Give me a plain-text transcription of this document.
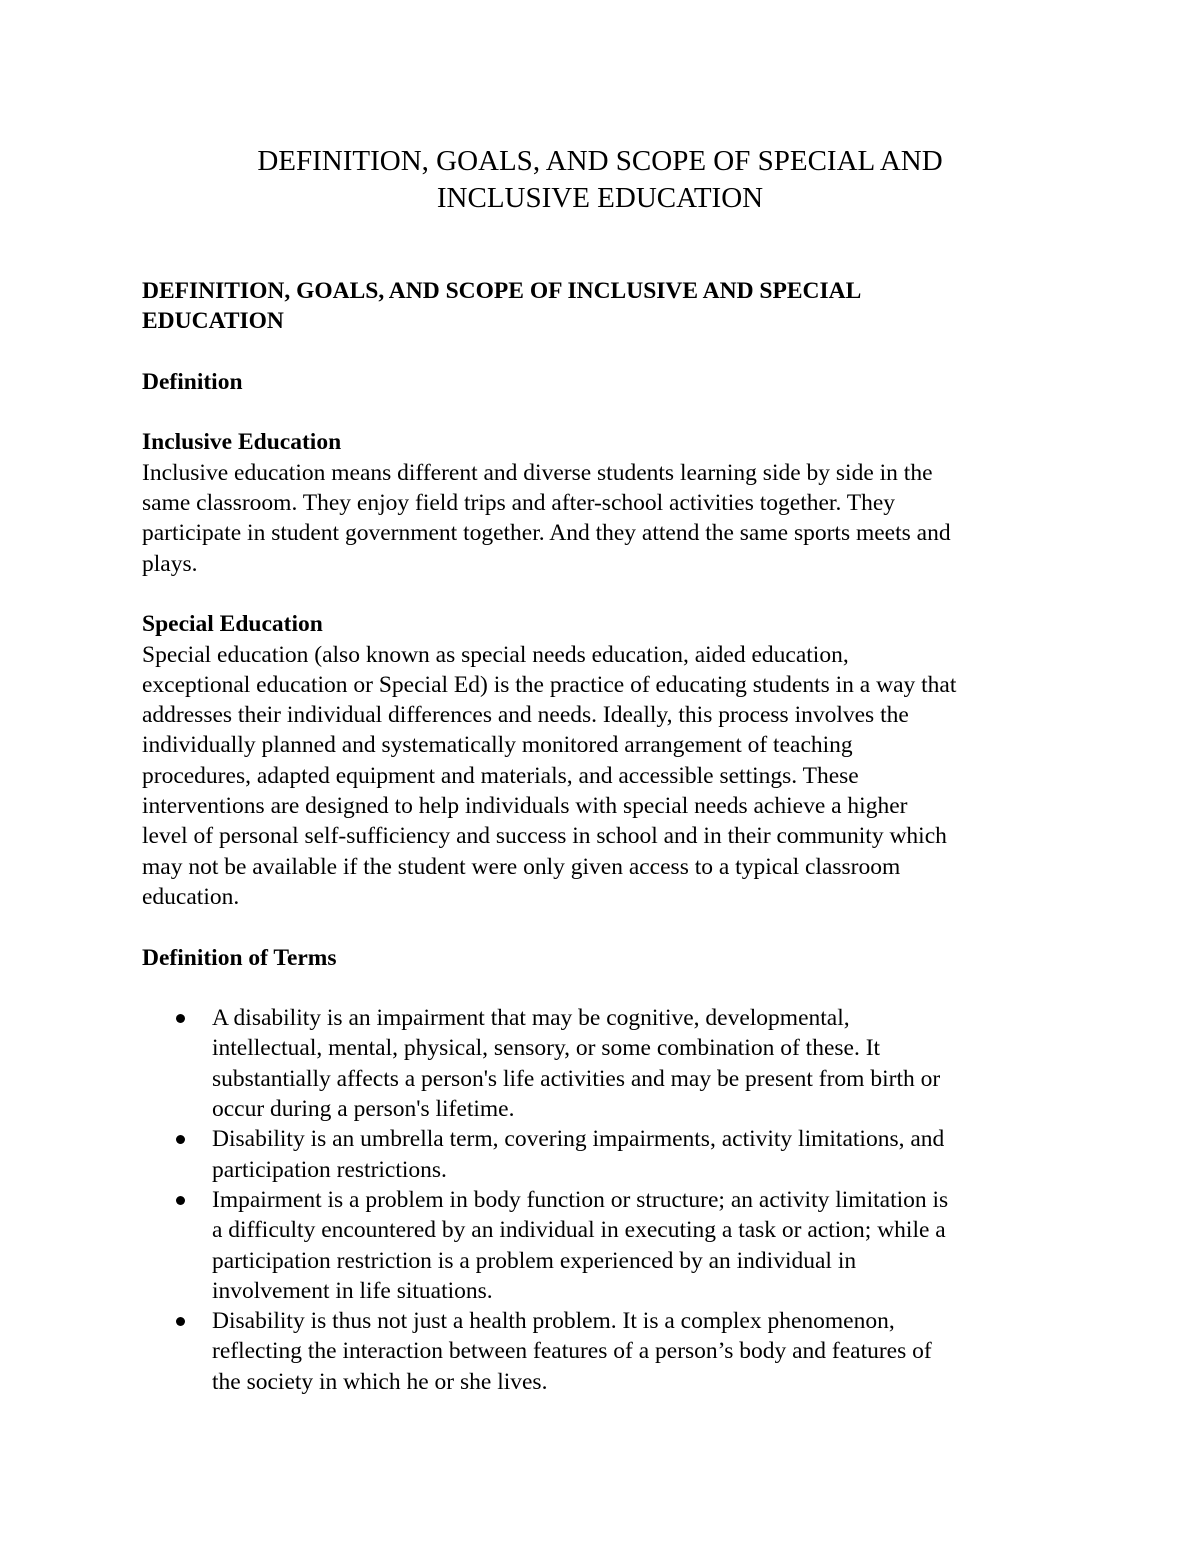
DEFINITION, GOALS, AND SCOPE OF SPECIAL AND
INCLUSIVE EDUCATION
DEFINITION, GOALS, AND SCOPE OF INCLUSIVE AND SPECIAL
EDUCATION
Definition
Inclusive Education

Inclusive education means different and diverse students learning side by side in the
same classroom. They enjoy field trips and after-school activities together. They
participate in student government together. And they attend the same sports meets and
plays.

Special Education

Special education (also known as special needs education, aided education,
exceptional education or Special Ed) is the practice of educating students in a way that
addresses their individual differences and needs. Ideally, this process involves the
individually planned and systematically monitored arrangement of teaching
procedures, adapted equipment and materials, and accessible settings. These
interventions are designed to help individuals with special needs achieve a higher
level of personal self-sufficiency and success in school and in their community which
may not be available if the student were only given access to a typical classroom
education.

Definition of Terms
A disability is an impairment that may be cognitive, developmental,
intellectual, mental, physical, sensory, or some combination of these. It
substantially affects a person's life activities and may be present from birth or
occur during a person's lifetime.
Disability is an umbrella term, covering impairments, activity limitations, and
participation restrictions.
Impairment is a problem in body function or structure; an activity limitation is
a difficulty encountered by an individual in executing a task or action; while a
participation restriction is a problem experienced by an individual in
involvement in life situations.
Disability is thus not just a health problem. It is a complex phenomenon,
reflecting the interaction between features of a person’s body and features of
the society in which he or she lives.
